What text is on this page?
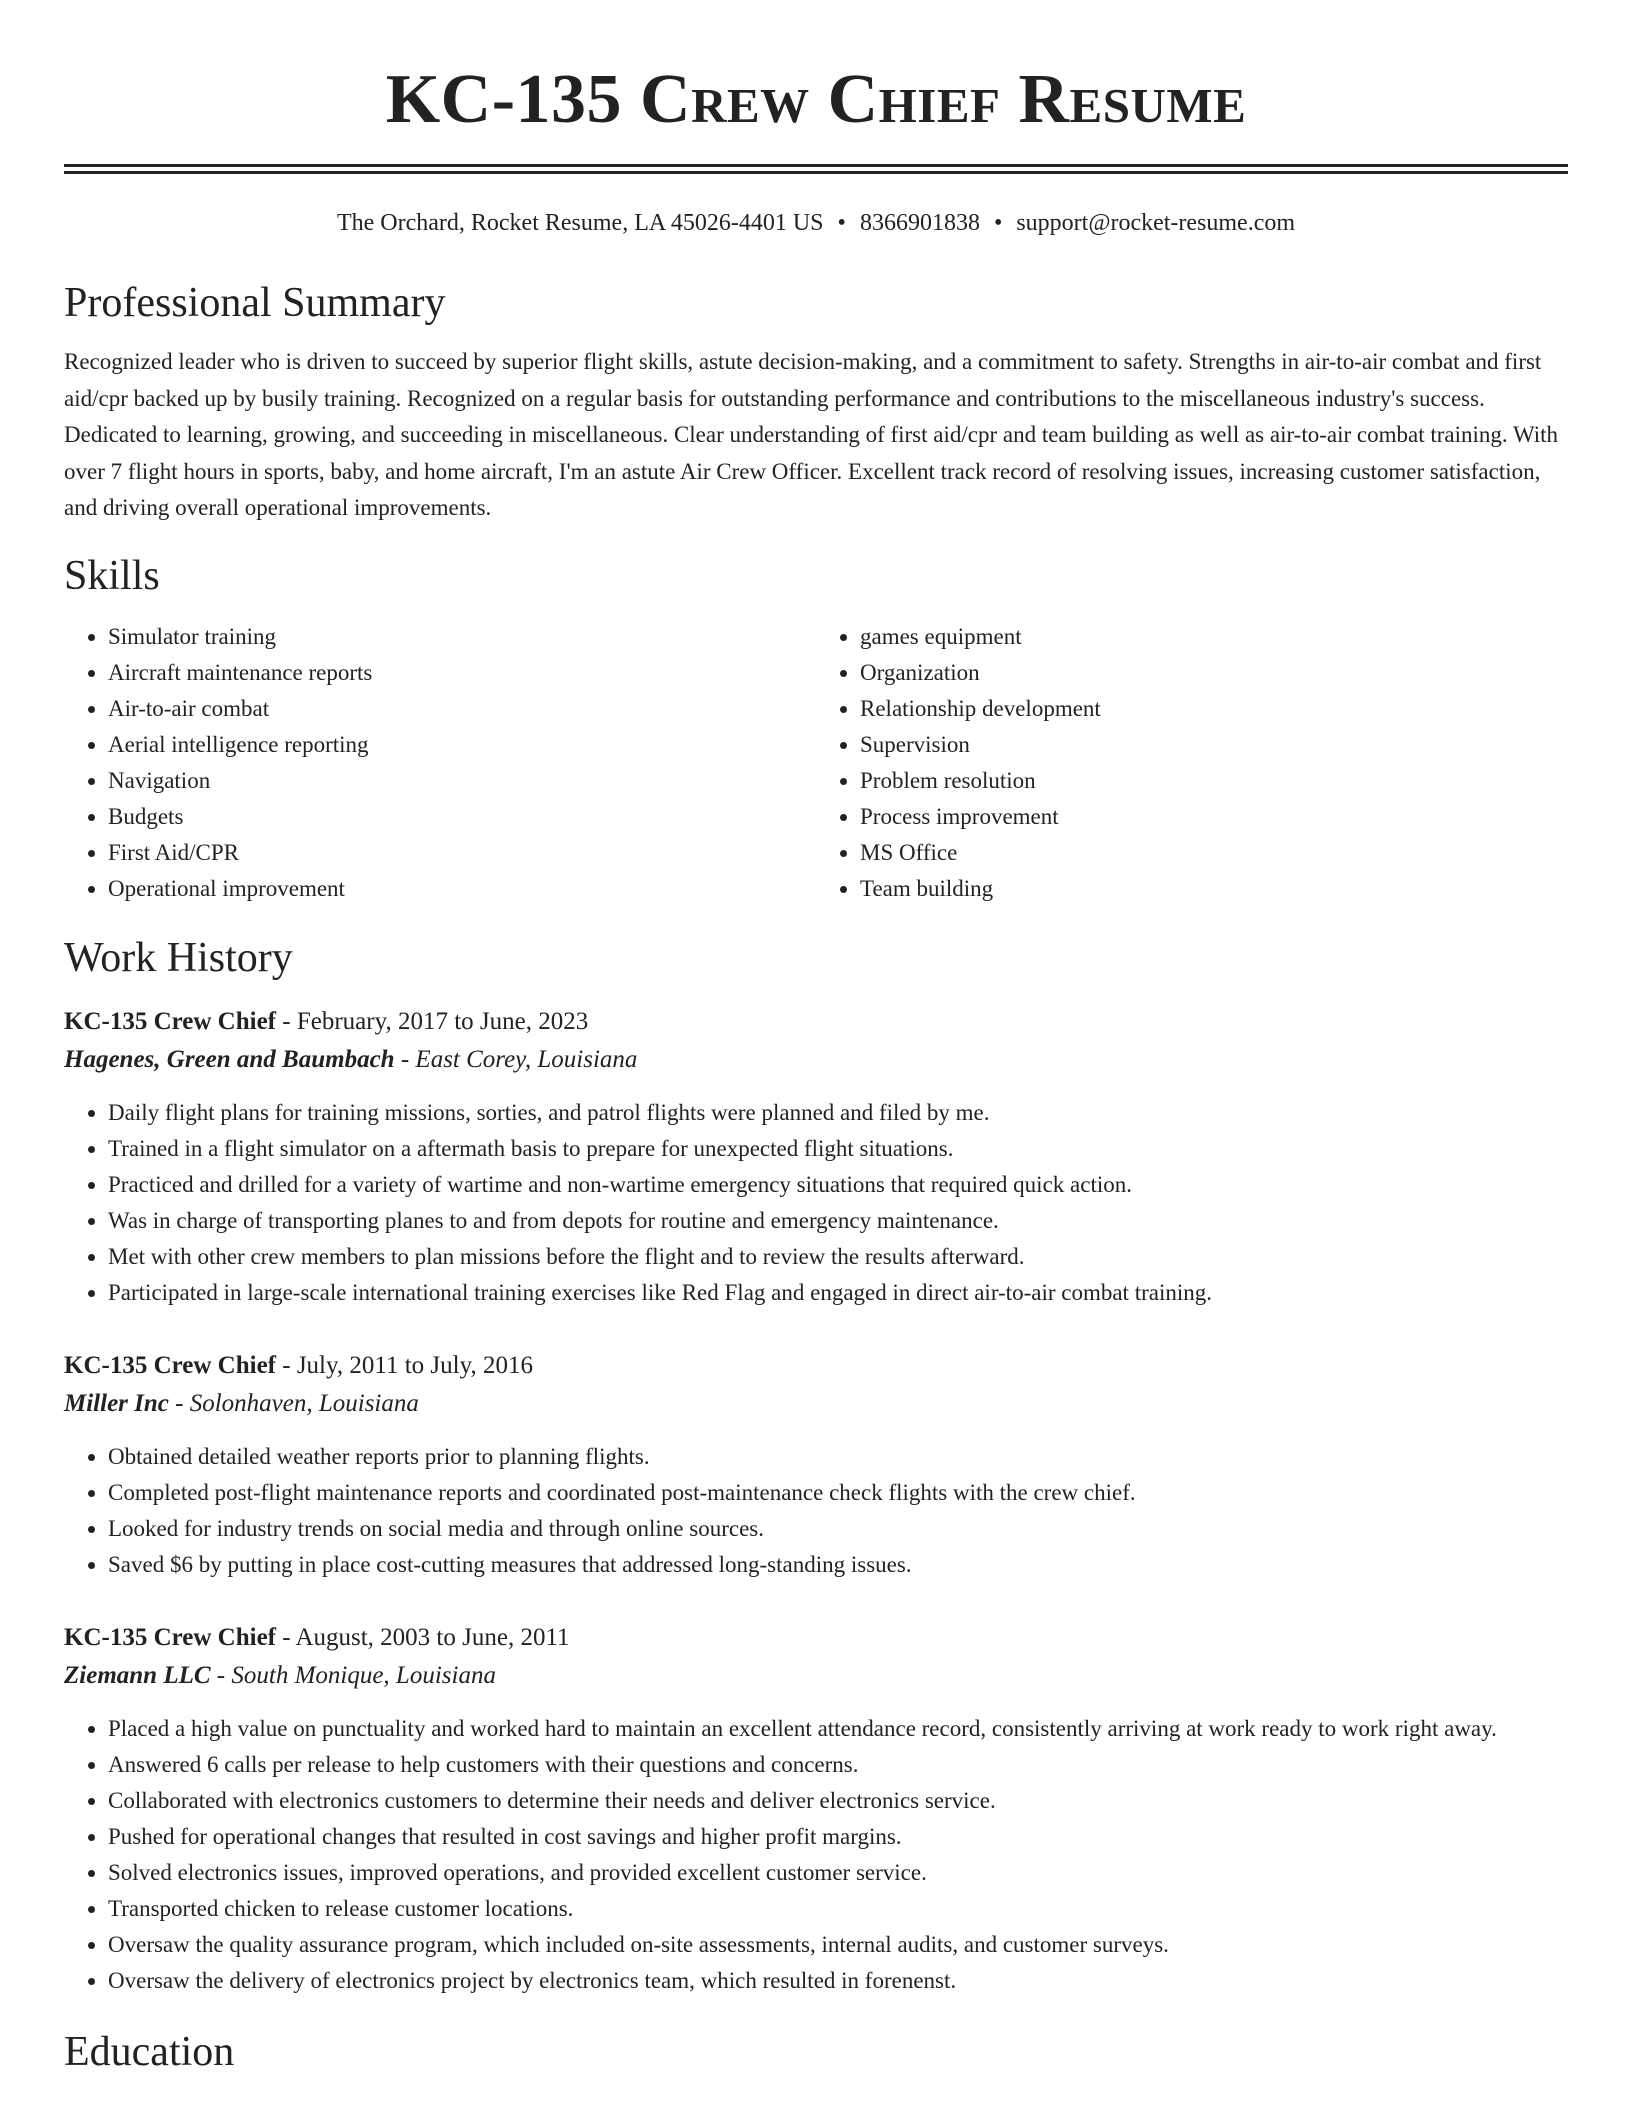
KC-135 Crew Chief Resume
The Orchard, Rocket Resume, LA 45026-4401 US • 8366901838 • support@rocket-resume.com
Professional Summary
Recognized leader who is driven to succeed by superior flight skills, astute decision-making, and a commitment to safety. Strengths in air-to-air combat and first aid/cpr backed up by busily training. Recognized on a regular basis for outstanding performance and contributions to the miscellaneous industry's success. Dedicated to learning, growing, and succeeding in miscellaneous. Clear understanding of first aid/cpr and team building as well as air-to-air combat training. With over 7 flight hours in sports, baby, and home aircraft, I'm an astute Air Crew Officer. Excellent track record of resolving issues, increasing customer satisfaction, and driving overall operational improvements.
Skills
• Simulator training
• Aircraft maintenance reports
• Air-to-air combat
• Aerial intelligence reporting
• Navigation
• Budgets
• First Aid/CPR
• Operational improvement
• games equipment
• Organization
• Relationship development
• Supervision
• Problem resolution
• Process improvement
• MS Office
• Team building
Work History
KC-135 Crew Chief - February, 2017 to June, 2023
Hagenes, Green and Baumbach - East Corey, Louisiana
• Daily flight plans for training missions, sorties, and patrol flights were planned and filed by me.
• Trained in a flight simulator on a aftermath basis to prepare for unexpected flight situations.
• Practiced and drilled for a variety of wartime and non-wartime emergency situations that required quick action.
• Was in charge of transporting planes to and from depots for routine and emergency maintenance.
• Met with other crew members to plan missions before the flight and to review the results afterward.
• Participated in large-scale international training exercises like Red Flag and engaged in direct air-to-air combat training.
KC-135 Crew Chief - July, 2011 to July, 2016
Miller Inc - Solonhaven, Louisiana
• Obtained detailed weather reports prior to planning flights.
• Completed post-flight maintenance reports and coordinated post-maintenance check flights with the crew chief.
• Looked for industry trends on social media and through online sources.
• Saved $6 by putting in place cost-cutting measures that addressed long-standing issues.
KC-135 Crew Chief - August, 2003 to June, 2011
Ziemann LLC - South Monique, Louisiana
• Placed a high value on punctuality and worked hard to maintain an excellent attendance record, consistently arriving at work ready to work right away.
• Answered 6 calls per release to help customers with their questions and concerns.
• Collaborated with electronics customers to determine their needs and deliver electronics service.
• Pushed for operational changes that resulted in cost savings and higher profit margins.
• Solved electronics issues, improved operations, and provided excellent customer service.
• Transported chicken to release customer locations.
• Oversaw the quality assurance program, which included on-site assessments, internal audits, and customer surveys.
• Oversaw the delivery of electronics project by electronics team, which resulted in forenenst.
Education
